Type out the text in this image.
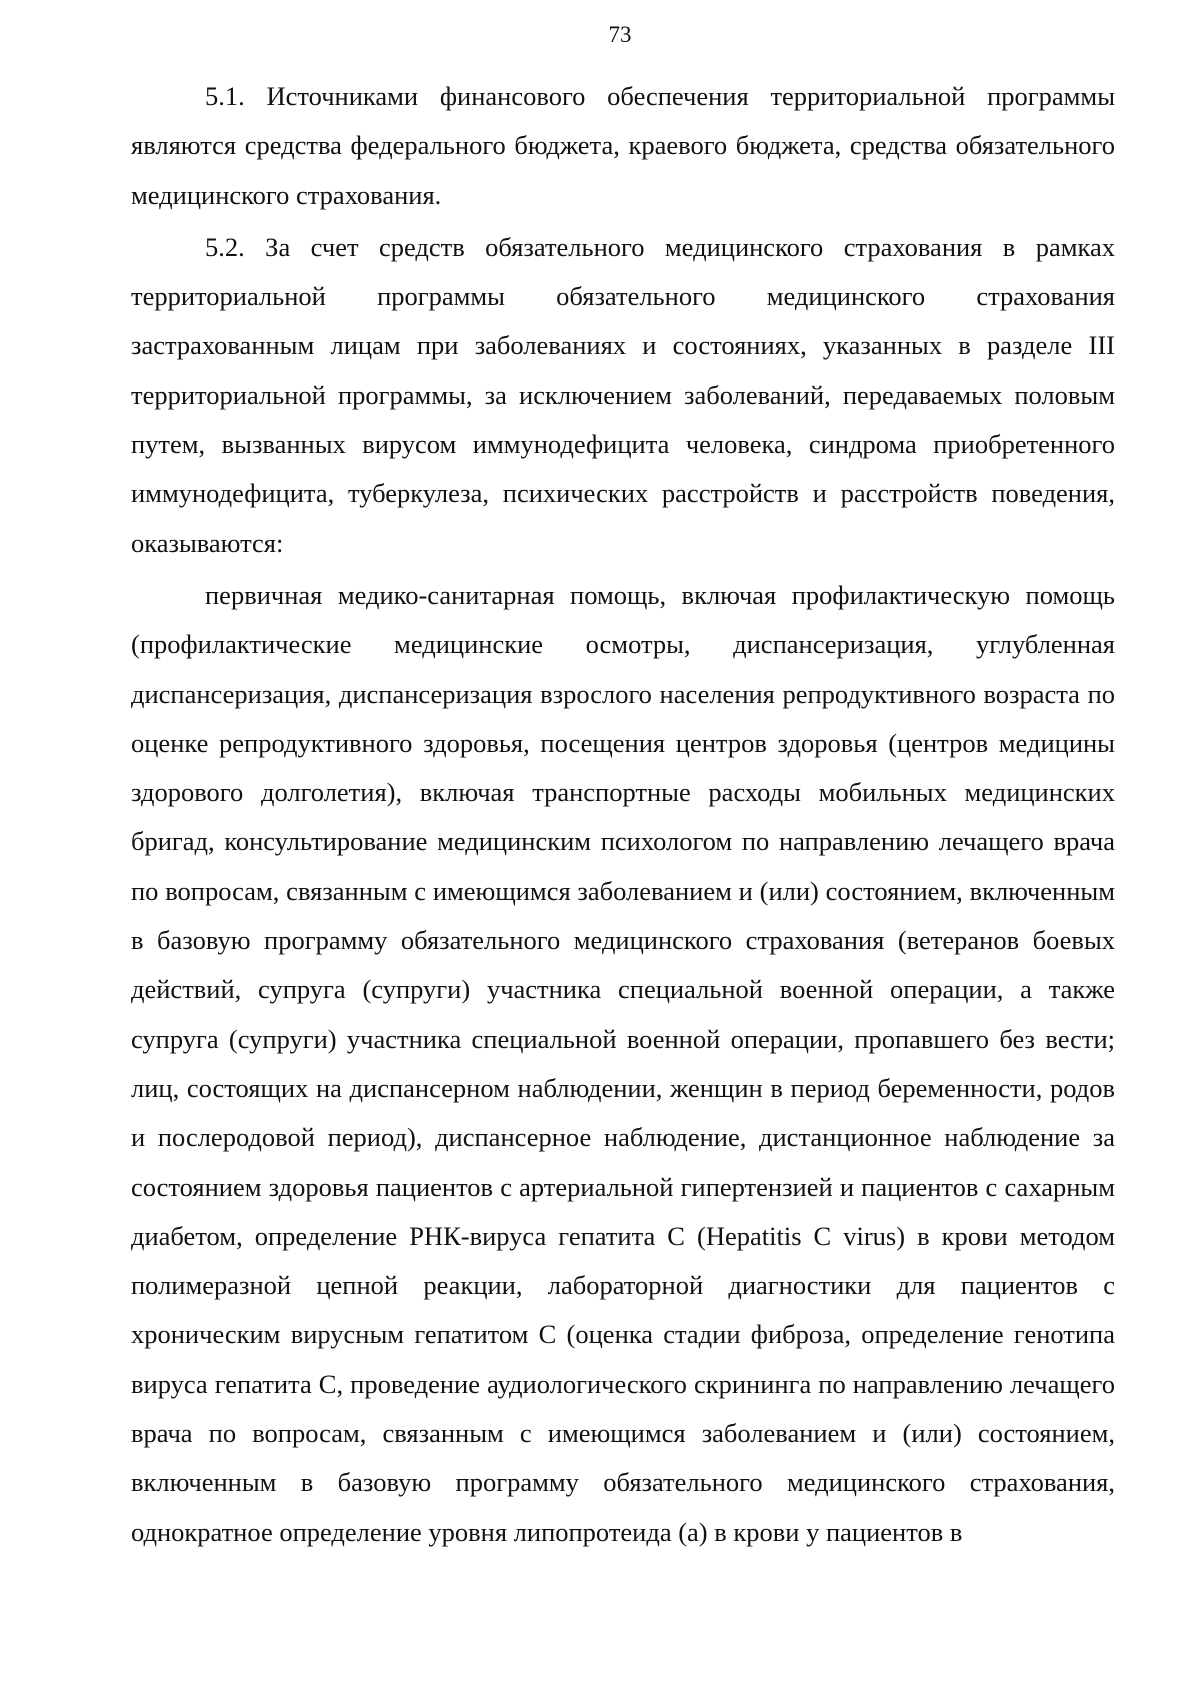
73

5.1. Источниками финансового обеспечения территориальной программы являются средства федерального бюджета, краевого бюджета, средства обязательного медицинского страхования.

5.2. За счет средств обязательного медицинского страхования в рамках территориальной программы обязательного медицинского страхования застрахованным лицам при заболеваниях и состояниях, указанных в разделе III территориальной программы, за исключением заболеваний, передаваемых половым путем, вызванных вирусом иммунодефицита человека, синдрома приобретенного иммунодефицита, туберкулеза, психических расстройств и расстройств поведения, оказываются:

первичная медико-санитарная помощь, включая профилактическую помощь (профилактические медицинские осмотры, диспансеризация, углубленная диспансеризация, диспансеризация взрослого населения репродуктивного возраста по оценке репродуктивного здоровья, посещения центров здоровья (центров медицины здорового долголетия), включая транспортные расходы мобильных медицинских бригад, консультирование медицинским психологом по направлению лечащего врача по вопросам, связанным с имеющимся заболеванием и (или) состоянием, включенным в базовую программу обязательного медицинского страхования (ветеранов боевых действий, супруга (супруги) участника специальной военной операции, а также супруга (супруги) участника специальной военной операции, пропавшего без вести; лиц, состоящих на диспансерном наблюдении, женщин в период беременности, родов и послеродовой период), диспансерное наблюдение, дистанционное наблюдение за состоянием здоровья пациентов с артериальной гипертензией и пациентов с сахарным диабетом, определение РНК-вируса гепатита C (Hepatitis C virus) в крови методом полимеразной цепной реакции, лабораторной диагностики для пациентов с хроническим вирусным гепатитом C (оценка стадии фиброза, определение генотипа вируса гепатита C, проведение аудиологического скрининга по направлению лечащего врача по вопросам, связанным с имеющимся заболеванием и (или) состоянием, включенным в базовую программу обязательного медицинского страхования, однократное определение уровня липопротеида (а) в крови у пациентов в
